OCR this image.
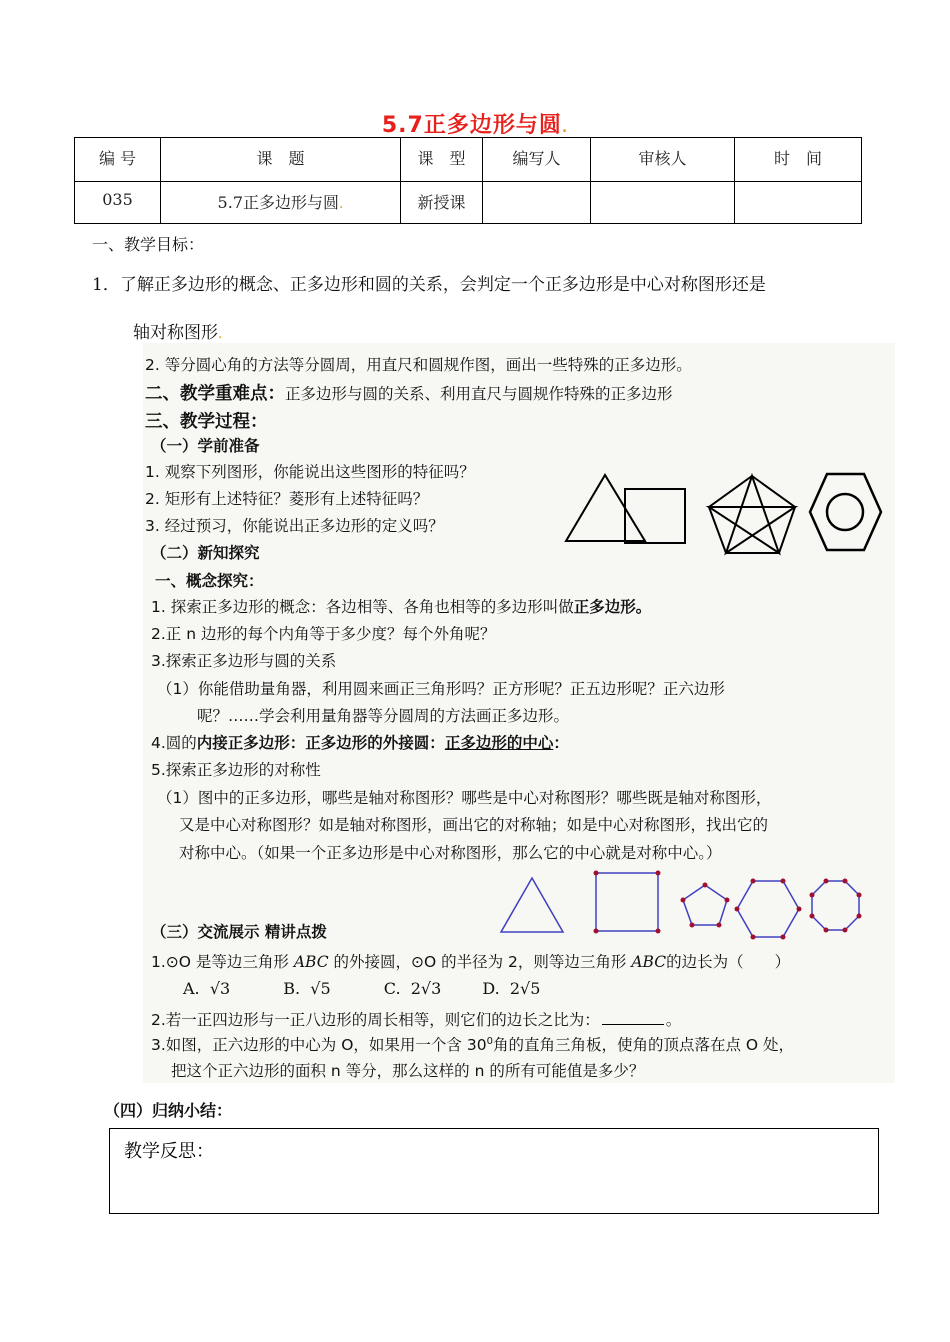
5.7正多边形与圆.
编 号	课　题	课　型	编写人	审核人	时　间
035	5.7正多边形与圆.	新授课			
一、教学目标：
1．了解正多边形的概念、正多边形和圆的关系，会判定一个正多边形是中心对称图形还是
轴对称图形.
2. 等分圆心角的方法等分圆周，用直尺和圆规作图，画出一些特殊的正多边形。
二、教学重难点：正多边形与圆的关系、利用直尺与圆规作特殊的正多边形
三、教学过程：
（一）学前准备
1. 观察下列图形，你能说出这些图形的特征吗？
2. 矩形有上述特征？菱形有上述特征吗？
3. 经过预习，你能说出正多边形的定义吗？
（二）新知探究
一、概念探究：
1. 探索正多边形的概念：各边相等、各角也相等的多边形叫做正多边形。
2.正 n 边形的每个内角等于多少度？每个外角呢？
3.探索正多边形与圆的关系
（1）你能借助量角器，利用圆来画正三角形吗？正方形呢？正五边形呢？正六边形
呢？……学会利用量角器等分圆周的方法画正多边形。
4.圆的内接正多边形：正多边形的外接圆：正多边形的中心：
5.探索正多边形的对称性
（1）图中的正多边形，哪些是轴对称图形？哪些是中心对称图形？哪些既是轴对称图形，
又是中心对称图形？如是轴对称图形，画出它的对称轴；如是中心对称图形，找出它的
对称中心。（如果一个正多边形是中心对称图形，那么它的中心就是对称中心。）
（三）交流展示 精讲点拨
1.⊙O 是等边三角形 ABC 的外接圆，⊙O 的半径为 2，则等边三角形 ABC的边长为（　　）
A. √3	B. √5	C. 2√3	D. 2√5
2.若一正四边形与一正八边形的周长相等，则它们的边长之比为：	。
3.如图，正六边形的中心为 O，如果用一个含 $30^0$角的直角三角板，使角的顶点落在点 O 处，
把这个正六边形的面积 n 等分，那么这样的 n 的所有可能值是多少？
（四）归纳小结：
教学反思：
